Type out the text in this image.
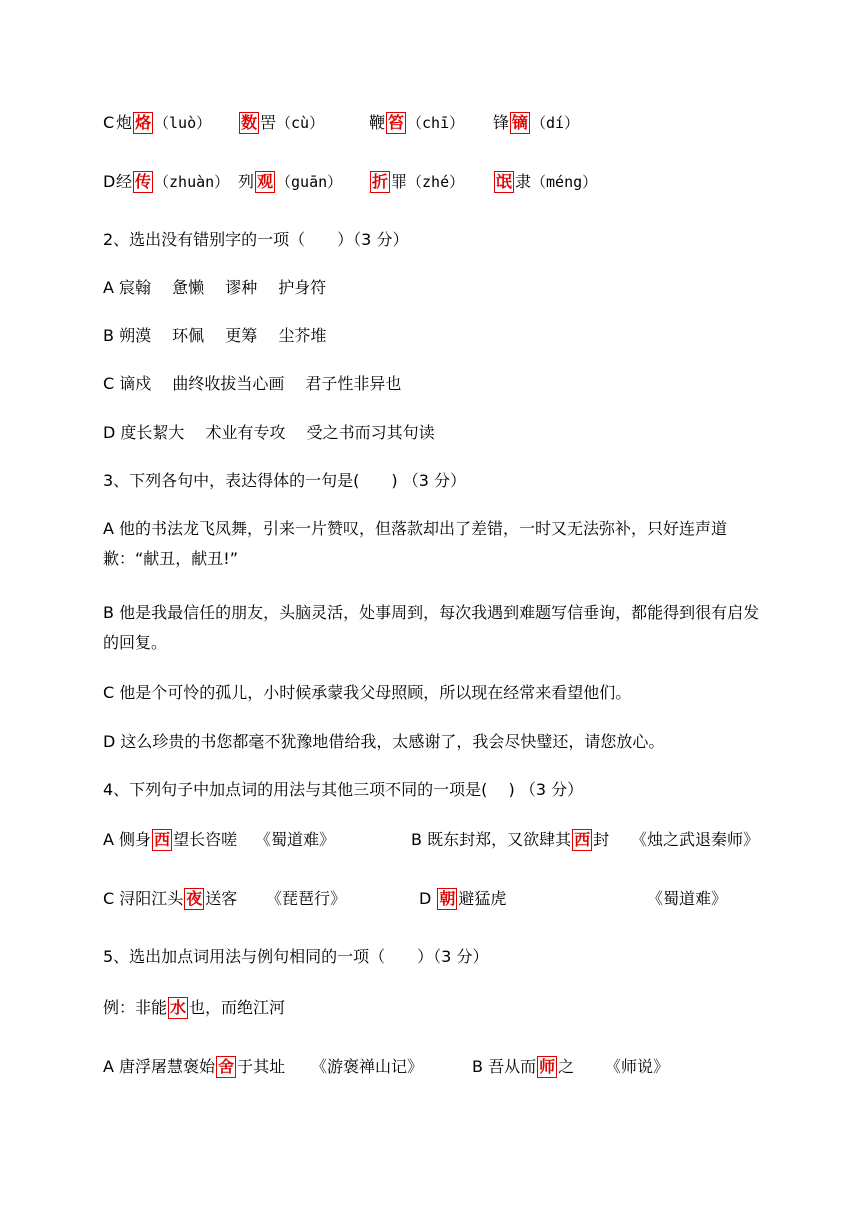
C 炮 烙 （luò） 数 罟（cù）	鞭 笞 （chī） 锋 镝 （dí）
D 经 传 （zhuàn） 列 观 （guān） 折 罪（zhé） 氓 隶（méng）
2、选出没有错别字的一项（　　）（3 分）
A 宸翰　 惫懒　 谬种　 护身符
B 朔漠　 环佩　 更筹　 尘芥堆
C 谪戍　 曲终收拔当心画　 君子性非异也
D 度长絜大　 术业有专攻　 受之书而习其句读
3、下列各句中，表达得体的一句是(　　) （3 分）
A 他的书法龙飞凤舞，引来一片赞叹，但落款却出了差错，一时又无法弥补，只好连声道歉：“献丑，献丑!”
B 他是我最信任的朋友，头脑灵活，处事周到，每次我遇到难题写信垂询，都能得到很有启发的回复。
C 他是个可怜的孤儿，小时候承蒙我父母照顾，所以现在经常来看望他们。
D 这么珍贵的书您都毫不犹豫地借给我，太感谢了，我会尽快璧还，请您放心。
4、下列句子中加点词的用法与其他三项不同的一项是(　 ) （3 分）
A 侧身 西 望长咨嗟 《蜀道难》	B 既东封郑，又欲肆其 西 封 《烛之武退秦师》
C 浔阳江头 夜 送客 《琵琶行》	D 朝 避猛虎	《蜀道难》
5、选出加点词用法与例句相同的一项（　　）（3 分）
例：非能 水 也，而绝江河
A 唐浮屠慧褒始 舍 于其址 《游褒禅山记》	B 吾从而 师 之 《师说》
